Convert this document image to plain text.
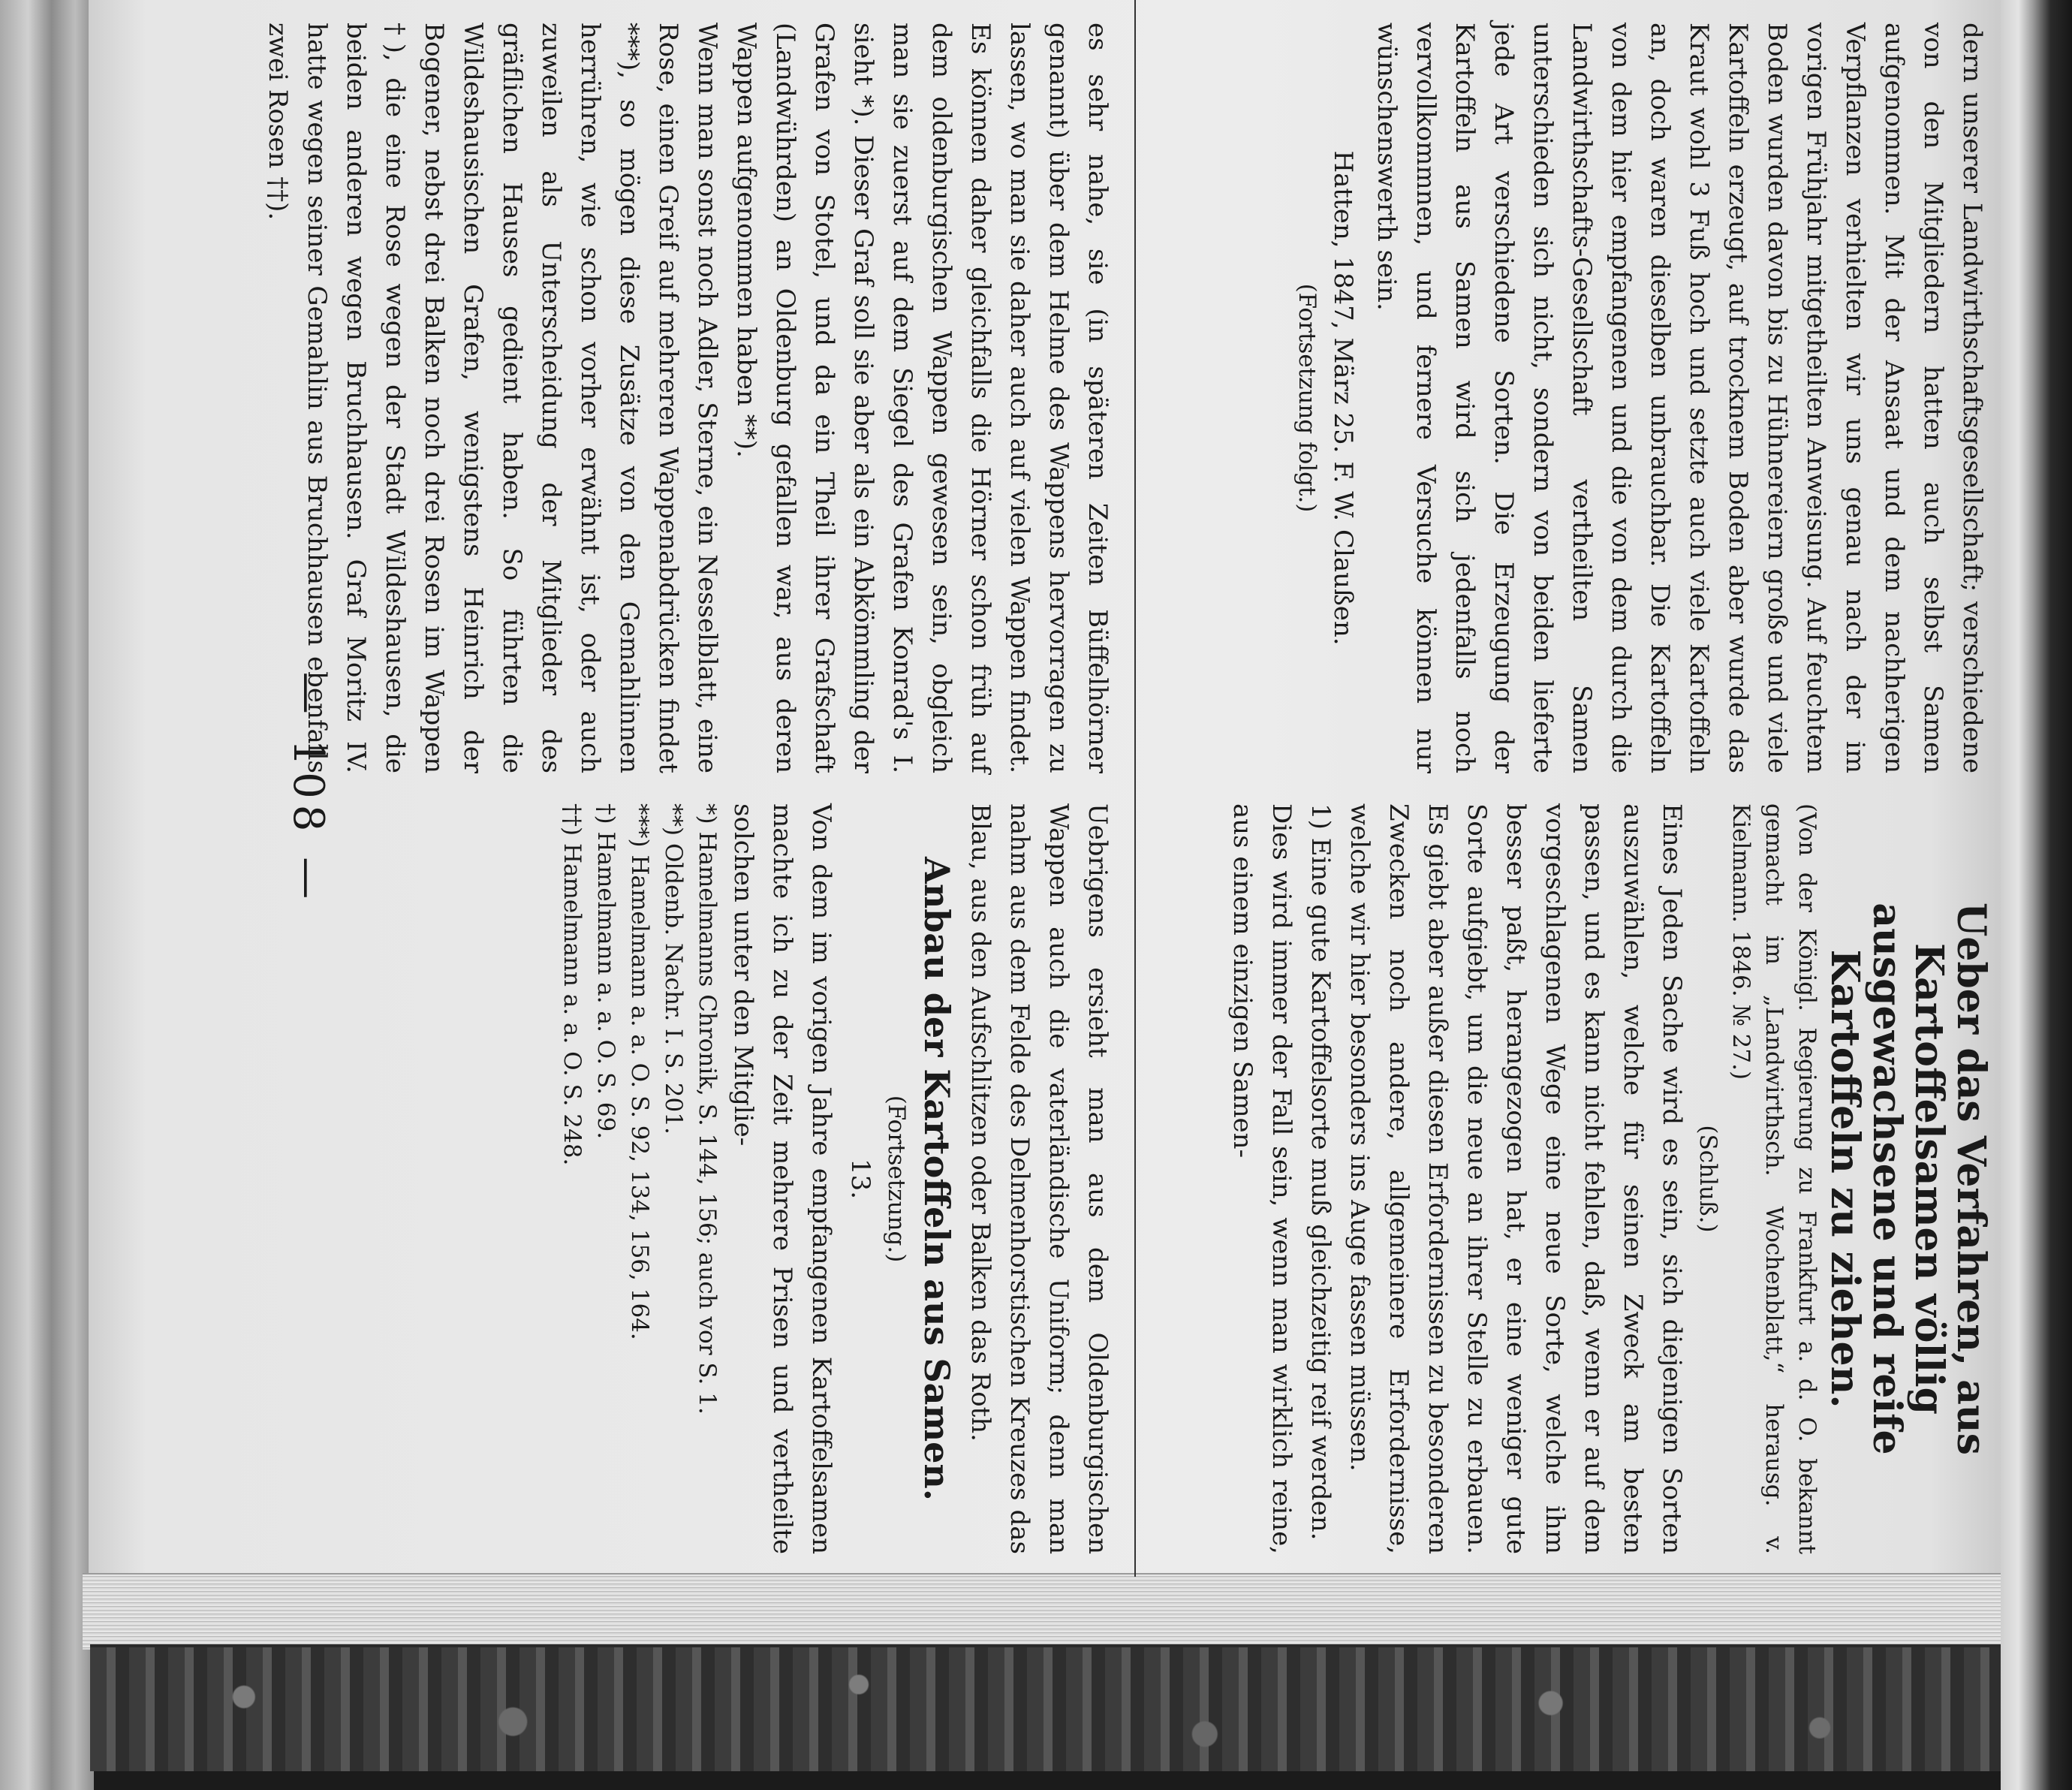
dern unserer Landwirthschaftsgesellschaft; verschiedene von den Mitgliedern hatten auch selbst Samen aufgenommen. Mit der Ansaat und dem nachherigen Verpflanzen verhielten wir uns genau nach der im vorigen Frühjahr mitgetheilten Anweisung. Auf feuchtem Boden wurden davon bis zu Hühnereiern große und viele Kartoffeln erzeugt, auf trocknem Boden aber wurde das Kraut wohl 3 Fuß hoch und setzte auch viele Kartoffeln an, doch waren dieselben unbrauchbar. Die Kartoffeln von dem hier empfangenen und die von dem durch die Landwirthschafts-Gesellschaft vertheilten Samen unterschieden sich nicht, sondern von beiden lieferte jede Art verschiedene Sorten. Die Erzeugung der Kartoffeln aus Samen wird sich jedenfalls noch vervollkommnen, und fernere Versuche können nur wünschenswerth sein.

Hatten, 1847, März 25. F. W. Claußen.

(Fortsetzung folgt.)

Ueber das Verfahren, aus Kartoffelsamen völlig ausgewachsene und reife Kartoffeln zu ziehen.

(Von der Königl. Regierung zu Frankfurt a. d. O. bekannt gemacht im „Landwirthsch. Wochenblatt,“ herausg. v. Kielmann. 1846. № 27.)

(Schluß.)

Eines Jeden Sache wird es sein, sich diejenigen Sorten auszuwählen, welche für seinen Zweck am besten passen, und es kann nicht fehlen, daß, wenn er auf dem vorgeschlagenen Wege eine neue Sorte, welche ihm besser paßt, herangezogen hat, er eine weniger gute Sorte aufgiebt, um die neue an ihrer Stelle zu erbauen. Es giebt aber außer diesen Erfordernissen zu besonderen Zwecken noch andere, allgemeinere Erfordernisse, welche wir hier besonders ins Auge fassen müssen.

1) Eine gute Kartoffelsorte muß gleichzeitig reif werden.

Dies wird immer der Fall sein, wenn man wirklich reine, aus einem einzigen Samen-

es sehr nahe, sie (in späteren Zeiten Büffelhörner genannt) über dem Helme des Wappens hervorragen zu lassen, wo man sie daher auch auf vielen Wappen findet. Es können daher gleichfalls die Hörner schon früh auf dem oldenburgischen Wappen gewesen sein, obgleich man sie zuerst auf dem Siegel des Grafen Konrad's I. sieht *). Dieser Graf soll sie aber als ein Abkömmling der Grafen von Stotel, und da ein Theil ihrer Grafschaft (Landwührden) an Oldenburg gefallen war, aus deren Wappen aufgenommen haben **).

Wenn man sonst noch Adler, Sterne, ein Nesselblatt, eine Rose, einen Greif auf mehreren Wappenabdrücken findet ***), so mögen diese Zusätze von den Gemahlinnen herrühren, wie schon vorher erwähnt ist, oder auch zuweilen als Unterscheidung der Mitglieder des gräflichen Hauses gedient haben. So führten die Wildeshausischen Grafen, wenigstens Heinrich der Bogener, nebst drei Balken noch drei Rosen im Wappen †), die eine Rose wegen der Stadt Wildeshausen, die beiden anderen wegen Bruchhausen. Graf Moritz IV. hatte wegen seiner Gemahlin aus Bruchhausen ebenfalls zwei Rosen ††).

Uebrigens ersieht man aus dem Oldenburgischen Wappen auch die vaterländische Uniform; denn man nahm aus dem Felde des Delmenhorstischen Kreuzes das Blau, aus den Aufschlitzen oder Balken das Roth.

Anbau der Kartoffeln aus Samen.

(Fortsetzung.)

13.

Von dem im vorigen Jahre empfangenen Kartoffelsamen machte ich zu der Zeit mehrere Prisen und vertheilte solchen unter den Mitglie-

*) Hamelmanns Chronik, S. 144, 156; auch vor S. 1.
**) Oldenb. Nachr. I. S. 201.
***) Hamelmann a. a. O. S. 92, 134, 156, 164.
†) Hamelmann a. a. O. S. 69.
††) Hamelmann a. a. O. S. 248.
— 108 —
